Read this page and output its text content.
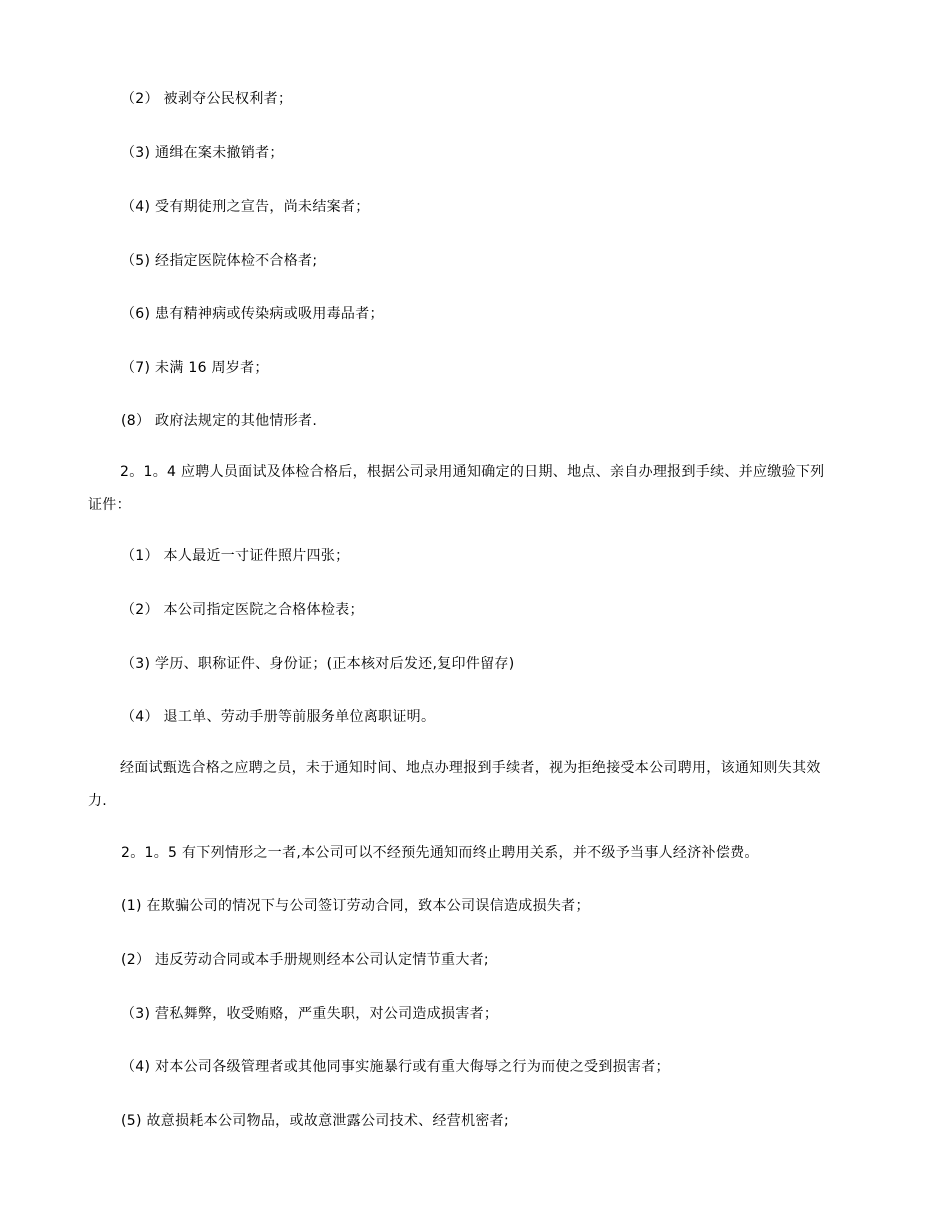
（2） 被剥夺公民权利者；
（3) 通缉在案未撤销者；
（4) 受有期徒刑之宣告，尚未结案者；
（5) 经指定医院体检不合格者;
（6) 患有精神病或传染病或吸用毒品者；
（7) 未满 16 周岁者；
(8） 政府法规定的其他情形者.
2。1。4 应聘人员面试及体检合格后，根据公司录用通知确定的日期、地点、亲自办理报到手续、并应缴验下列证件：
（1） 本人最近一寸证件照片四张；
（2） 本公司指定医院之合格体检表；
（3) 学历、职称证件、身份证；(正本核对后发还,复印件留存)
（4） 退工单、劳动手册等前服务单位离职证明。
经面试甄选合格之应聘之员，未于通知时间、地点办理报到手续者，视为拒绝接受本公司聘用，该通知则失其效力.
2。1。5 有下列情形之一者,本公司可以不经预先通知而终止聘用关系，并不级予当事人经济补偿费。
(1) 在欺骗公司的情况下与公司签订劳动合同，致本公司误信造成损失者；
(2） 违反劳动合同或本手册规则经本公司认定情节重大者;
（3) 营私舞弊，收受贿赂，严重失职，对公司造成损害者；
（4) 对本公司各级管理者或其他同事实施暴行或有重大侮辱之行为而使之受到损害者；
(5) 故意损耗本公司物品，或故意泄露公司技术、经营机密者;
